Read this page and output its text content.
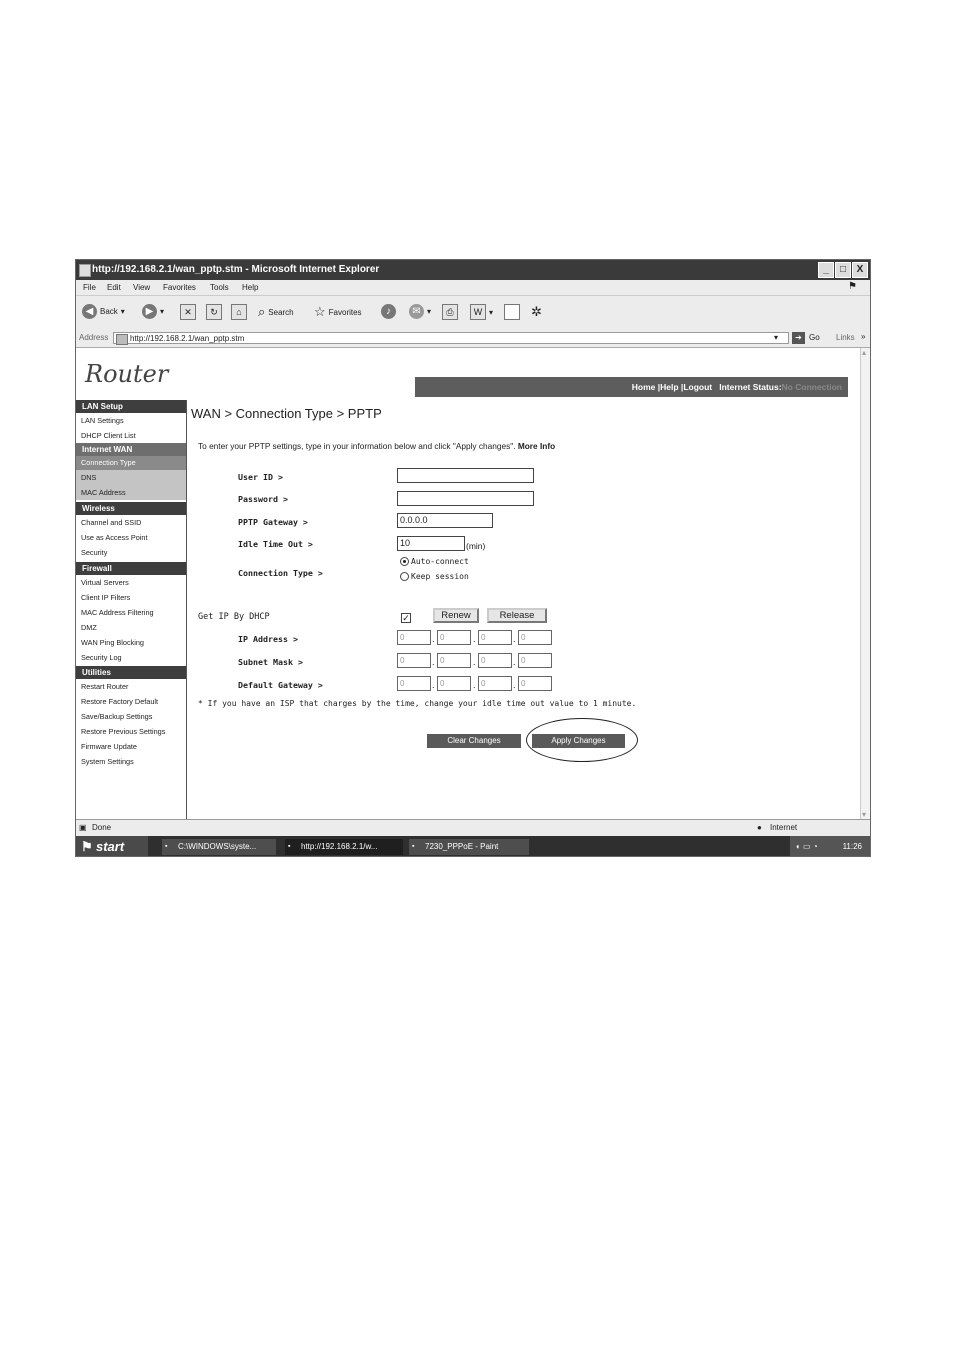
http://192.168.2.1/wan_pptp.stm - Microsoft Internet Explorer	_	□	X
File Edit View Favorites Tools Help	⚑
◀ Back ▾	▶ ▾	✕	↻	⌂	⌕ Search ☆ Favorites	♪	✉ ▾	⎙	W ▾	✲
Address	http://192.168.2.1/wan_pptp.stm	▾	➔ Go Links »
Router	Home |Help |Logout Internet Status:No Connection
LAN Setup
LAN Settings
DHCP Client List
Internet WAN
Connection Type
DNS
MAC Address
Wireless
Channel and SSID
Use as Access Point
Security
Firewall
Virtual Servers
Client IP Filters
MAC Address Filtering
DMZ
WAN Ping Blocking
Security Log
Utilities
Restart Router
Restore Factory Default
Save/Backup Settings
Restore Previous Settings
Firmware Update
System Settings
WAN > Connection Type > PPTP
To enter your PPTP settings, type in your information below and click "Apply changes". More Info
User ID >
Password >
PPTP Gateway >	0.0.0.0
Idle Time Out >	10	(min)
Connection Type >
Auto-connect
Keep session
Get IP By DHCP	✓	Renew	Release
IP Address >	0	. 0	. 0	. 0
Subnet Mask >	0	. 0	. 0	. 0
Default Gateway >	0	. 0	. 0	. 0
* If you have an ISP that charges by the time, change your idle time out value to 1 minute.
Clear Changes	Apply Changes
▴
▾
▣ Done	● Internet
⚑ start	▪ C:\WINDOWS\syste...	▪ http://192.168.2.1/w...	▪ 7230_PPPoE - Paint	◐ ▭ ◔	11:26
